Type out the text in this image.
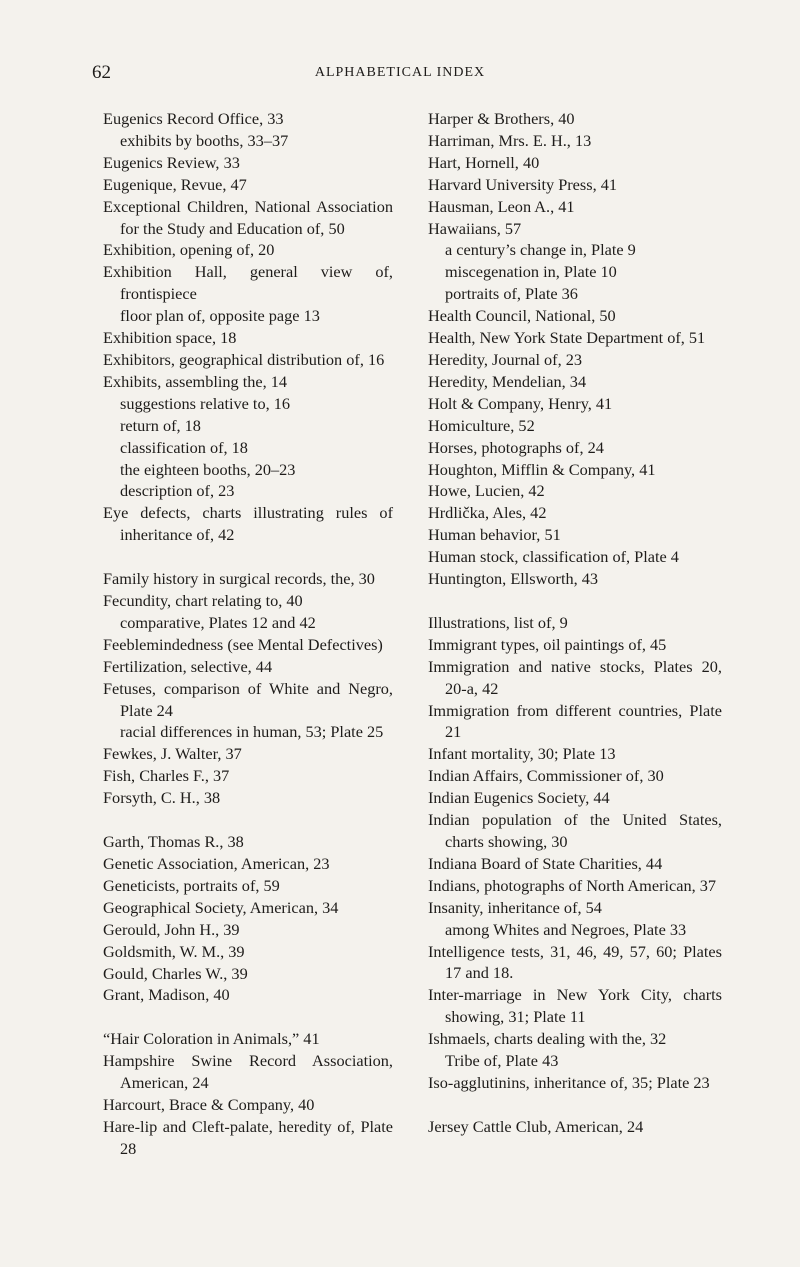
62	ALPHABETICAL INDEX

Eugenics Record Office, 33

exhibits by booths, 33–37

Eugenics Review, 33

Eugenique, Revue, 47

Exceptional Children, National Association for the Study and Education of, 50

Exhibition, opening of, 20

Exhibition Hall, general view of, frontispiece

floor plan of, opposite page 13

Exhibition space, 18

Exhibitors, geographical distribution of, 16

Exhibits, assembling the, 14

suggestions relative to, 16

return of, 18

classification of, 18

the eighteen booths, 20–23

description of, 23

Eye defects, charts illustrating rules of inheritance of, 42

Family history in surgical records, the, 30

Fecundity, chart relating to, 40

comparative, Plates 12 and 42

Feeblemindedness (see Mental Defectives)

Fertilization, selective, 44

Fetuses, comparison of White and Negro, Plate 24

racial differences in human, 53; Plate 25

Fewkes, J. Walter, 37

Fish, Charles F., 37

Forsyth, C. H., 38

Garth, Thomas R., 38

Genetic Association, American, 23

Geneticists, portraits of, 59

Geographical Society, American, 34

Gerould, John H., 39

Goldsmith, W. M., 39

Gould, Charles W., 39

Grant, Madison, 40

“Hair Coloration in Animals,” 41

Hampshire Swine Record Association, American, 24

Harcourt, Brace & Company, 40

Hare-lip and Cleft-palate, heredity of, Plate 28

Harper & Brothers, 40

Harriman, Mrs. E. H., 13

Hart, Hornell, 40

Harvard University Press, 41

Hausman, Leon A., 41

Hawaiians, 57

a century’s change in, Plate 9

miscegenation in, Plate 10

portraits of, Plate 36

Health Council, National, 50

Health, New York State Department of, 51

Heredity, Journal of, 23

Heredity, Mendelian, 34

Holt & Company, Henry, 41

Homiculture, 52

Horses, photographs of, 24

Houghton, Mifflin & Company, 41

Howe, Lucien, 42

Hrdlička, Ales, 42

Human behavior, 51

Human stock, classification of, Plate 4

Huntington, Ellsworth, 43

Illustrations, list of, 9

Immigrant types, oil paintings of, 45

Immigration and native stocks, Plates 20, 20-a, 42

Immigration from different countries, Plate 21

Infant mortality, 30; Plate 13

Indian Affairs, Commissioner of, 30

Indian Eugenics Society, 44

Indian population of the United States, charts showing, 30

Indiana Board of State Charities, 44

Indians, photographs of North American, 37

Insanity, inheritance of, 54

among Whites and Negroes, Plate 33

Intelligence tests, 31, 46, 49, 57, 60; Plates 17 and 18.

Inter-marriage in New York City, charts showing, 31; Plate 11

Ishmaels, charts dealing with the, 32

Tribe of, Plate 43

Iso-agglutinins, inheritance of, 35; Plate 23

Jersey Cattle Club, American, 24
